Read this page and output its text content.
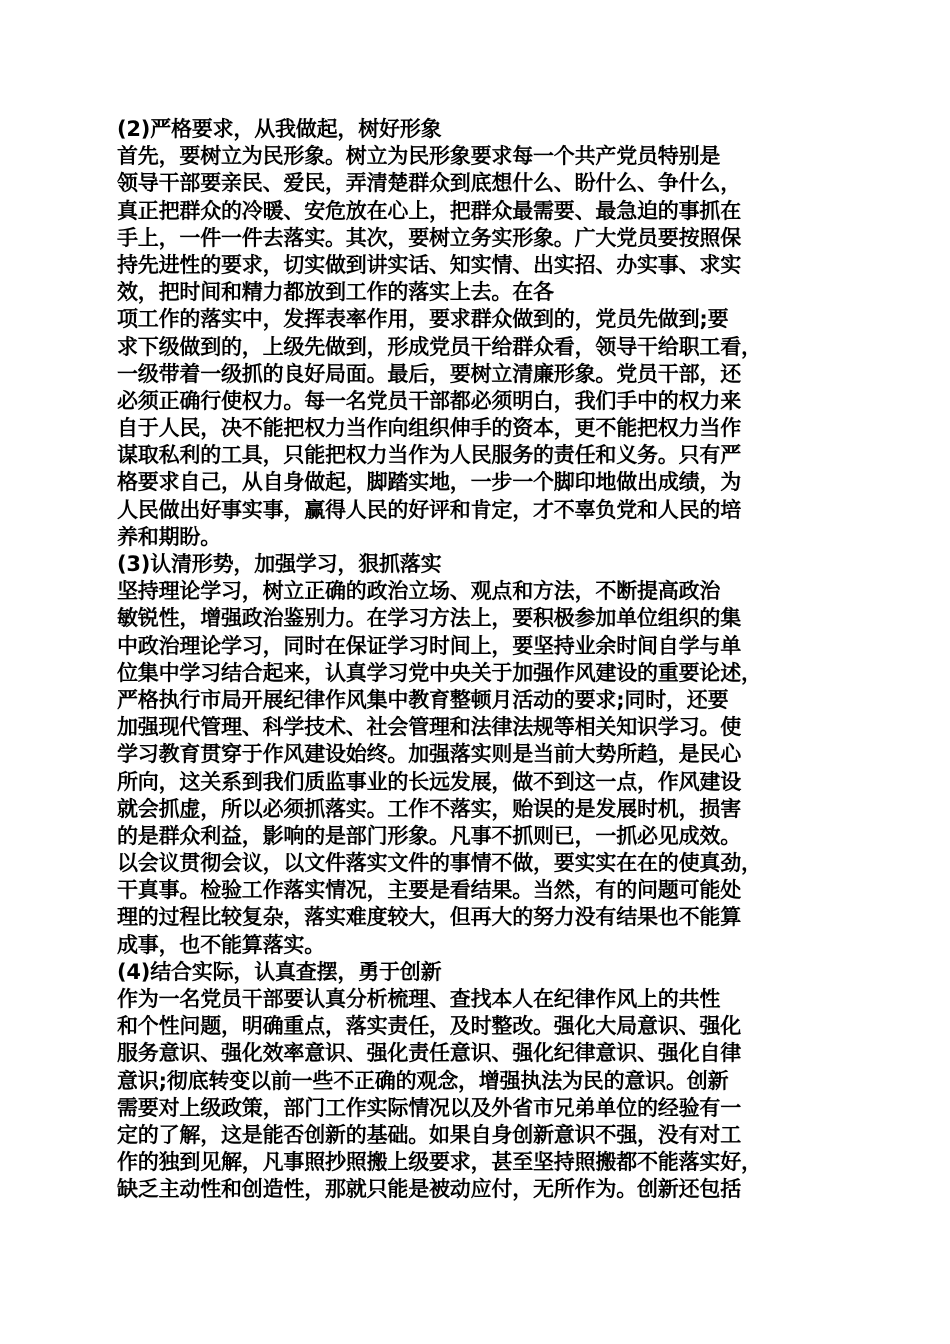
(2)严格要求，从我做起，树好形象
首先，要树立为民形象。树立为民形象要求每一个共产党员特别是
领导干部要亲民、爱民，弄清楚群众到底想什么、盼什么、争什么，
真正把群众的冷暖、安危放在心上，把群众最需要、最急迫的事抓在
手上，一件一件去落实。其次，要树立务实形象。广大党员要按照保
持先进性的要求，切实做到讲实话、知实情、出实招、办实事、求实
效，把时间和精力都放到工作的落实上去。在各
项工作的落实中，发挥表率作用，要求群众做到的，党员先做到;要
求下级做到的，上级先做到，形成党员干给群众看，领导干给职工看，
一级带着一级抓的良好局面。最后，要树立清廉形象。党员干部，还
必须正确行使权力。每一名党员干部都必须明白，我们手中的权力来
自于人民，决不能把权力当作向组织伸手的资本，更不能把权力当作
谋取私利的工具，只能把权力当作为人民服务的责任和义务。只有严
格要求自己，从自身做起，脚踏实地，一步一个脚印地做出成绩，为
人民做出好事实事，赢得人民的好评和肯定，才不辜负党和人民的培
养和期盼。
(3)认清形势，加强学习，狠抓落实
坚持理论学习，树立正确的政治立场、观点和方法，不断提高政治
敏锐性，增强政治鉴别力。在学习方法上，要积极参加单位组织的集
中政治理论学习，同时在保证学习时间上，要坚持业余时间自学与单
位集中学习结合起来，认真学习党中央关于加强作风建设的重要论述，
严格执行市局开展纪律作风集中教育整顿月活动的要求;同时，还要
加强现代管理、科学技术、社会管理和法律法规等相关知识学习。使
学习教育贯穿于作风建设始终。加强落实则是当前大势所趋，是民心
所向，这关系到我们质监事业的长远发展，做不到这一点，作风建设
就会抓虚，所以必须抓落实。工作不落实，贻误的是发展时机，损害
的是群众利益，影响的是部门形象。凡事不抓则已，一抓必见成效。
以会议贯彻会议，以文件落实文件的事情不做，要实实在在的使真劲，
干真事。检验工作落实情况，主要是看结果。当然，有的问题可能处
理的过程比较复杂，落实难度较大，但再大的努力没有结果也不能算
成事，也不能算落实。
(4)结合实际，认真查摆，勇于创新
作为一名党员干部要认真分析梳理、查找本人在纪律作风上的共性
和个性问题，明确重点，落实责任，及时整改。强化大局意识、强化
服务意识、强化效率意识、强化责任意识、强化纪律意识、强化自律
意识;彻底转变以前一些不正确的观念，增强执法为民的意识。创新
需要对上级政策，部门工作实际情况以及外省市兄弟单位的经验有一
定的了解，这是能否创新的基础。如果自身创新意识不强，没有对工
作的独到见解，凡事照抄照搬上级要求，甚至坚持照搬都不能落实好，
缺乏主动性和创造性，那就只能是被动应付，无所作为。创新还包括
